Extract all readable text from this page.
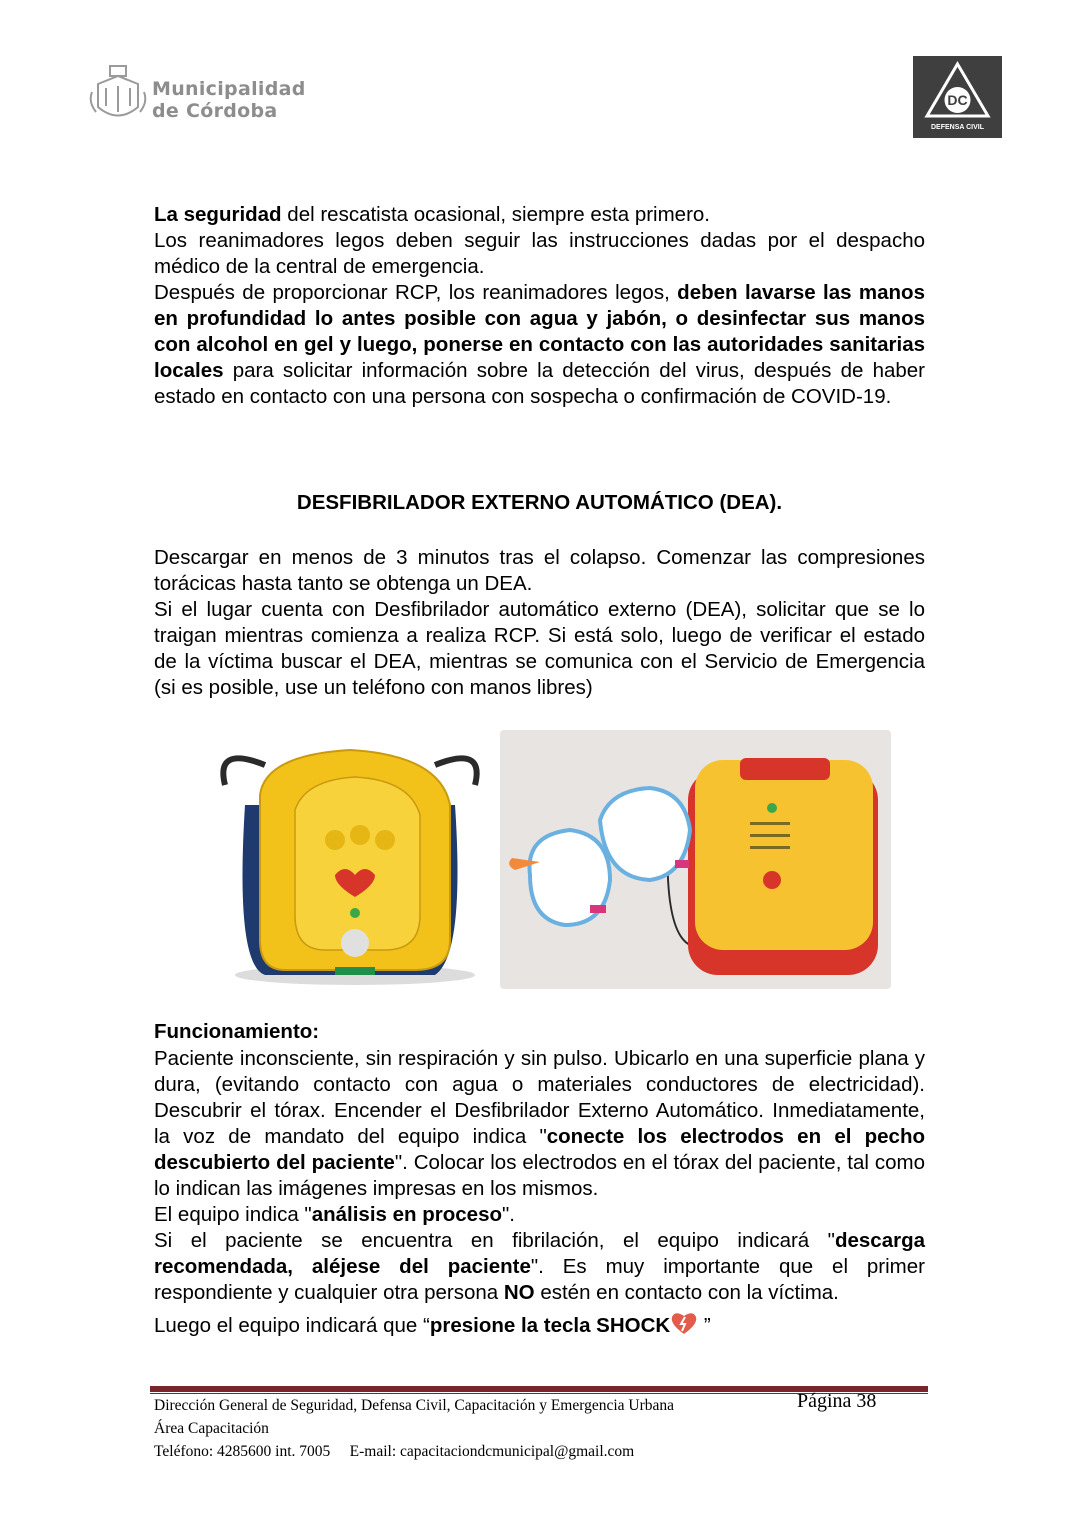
Municipalidad
de Córdoba	DC
DEFENSA CIVIL
La seguridad del rescatista ocasional, siempre esta primero.
Los reanimadores legos deben seguir las instrucciones dadas por el despacho médico de la central de emergencia.
Después de proporcionar RCP, los reanimadores legos, deben lavarse las manos en profundidad lo antes posible con agua y jabón, o desinfectar sus manos con alcohol en gel y luego, ponerse en contacto con las autoridades sanitarias locales para solicitar información sobre la detección del virus, después de haber estado en contacto con una persona con sospecha o confirmación de COVID-19.
DESFIBRILADOR EXTERNO AUTOMÁTICO (DEA).
Descargar en menos de 3 minutos tras el colapso. Comenzar las compresiones torácicas hasta tanto se obtenga un DEA.
Si el lugar cuenta con Desfibrilador automático externo (DEA), solicitar que se lo traigan mientras comienza a realiza RCP. Si está solo, luego de verificar el estado de la víctima buscar el DEA, mientras se comunica con el Servicio de Emergencia (si es posible, use un teléfono con manos libres)
Funcionamiento:
Paciente inconsciente, sin respiración y sin pulso. Ubicarlo en una superficie plana y dura, (evitando contacto con agua o materiales conductores de electricidad). Descubrir el tórax. Encender el Desfibrilador Externo Automático. Inmediatamente, la voz de mandato del equipo indica "conecte los electrodos en el pecho descubierto del paciente". Colocar los electrodos en el tórax del paciente, tal como lo indican las imágenes impresas en los mismos.
El equipo indica "análisis en proceso".
Si el paciente se encuentra en fibrilación, el equipo indicará "descarga recomendada, aléjese del paciente". Es muy importante que el primer respondiente y cualquier otra persona NO estén en contacto con la víctima.
Luego el equipo indicará que “presione la tecla SHOCK ”
Página 38
Dirección General de Seguridad, Defensa Civil, Capacitación y Emergencia Urbana
Área Capacitación
Teléfono: 4285600 int. 7005 E-mail: capacitaciondcmunicipal@gmail.com
